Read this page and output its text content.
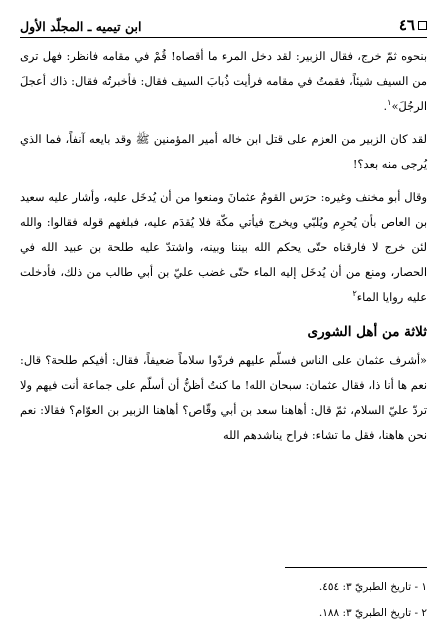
٤٦
ابن تيميه ـ المجلّد الأول

بنحوه ثمّ خرج، فقال الزبير: لقد دخل المرء ما أقصاه! قُمْ في مقامه فانظر: فهل ترى من السيف شيئاً، فقمتُ في مقامه فرأيت ذُبابَ السيف فقال: فأخبرتُه فقال: ذاك أعجلَ الرجُلَ»$^١$.

لقد كان الزبير من العزم على قتل ابن خاله أمير المؤمنين ﷺ وقد بايعه آنفاً، فما الذي يُرجى منه بعد؟!

وقال أبو مخنف وغيره: حرَس القومُ عثمانَ ومنعوا من أن يُدخَل عليه، وأشار عليه سعيد بن العاص بأن يُحرِم ويُلبّي ويخرج فيأتي مكّة فلا يُقدَم عليه، فبلغهم قوله فقالوا: والله لئن خرج لا فارقناه حتّى يحكم الله بيننا وبينه، واشتدّ عليه طلحة بن عبيد الله في الحصار، ومنع من أن يُدخَل إليه الماء حتّى غضب عليّ بن أبي طالب من ذلك، فأدخلت عليه روايا الماء$^٢$

ثلاثة من أهل الشورى

«أشرف عثمان على الناس فسلّم عليهم فردّوا سلاماً ضعيفاً، فقال: أفيكم طلحة؟ قال: نعم ها أنا ذا، فقال عثمان: سبحان الله! ما كنتُ أظنُّ أن أسلّم على جماعة أنت فيهم ولا تردّ عليّ السلام، ثمّ قال: أهاهنا سعد بن أبي وقّاص؟ أهاهنا الزبير بن العوّام؟ فقالا: نعم نحن هاهنا، فقل ما تشاء: فراح يناشدهم الله

١ - تاريخ الطبريّ ٣: ٤٥٤.

٢ - تاريخ الطبريّ ٣: ١٨٨.
